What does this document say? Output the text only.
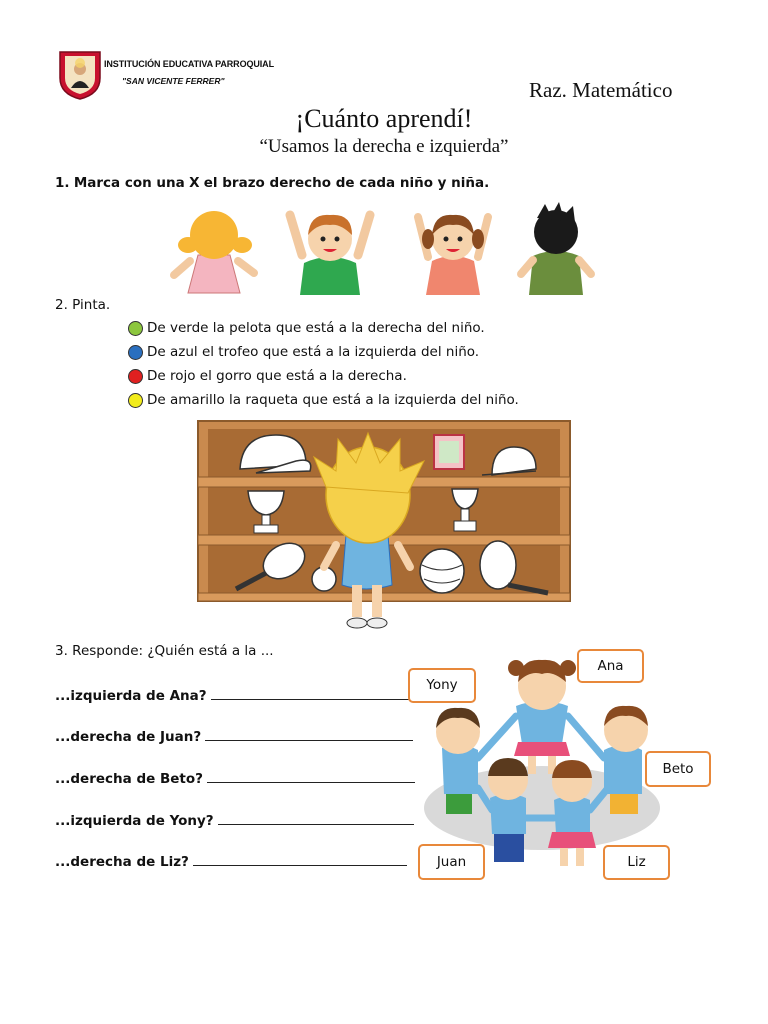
INSTITUCIÓN EDUCATIVA PARROQUIAL
"SAN VICENTE FERRER"	Raz. Matemático
¡Cuánto aprendí!
“Usamos la derecha e izquierda”
1. Marca con una X el brazo derecho de cada niño y niña.
2. Pinta.
De verde la pelota que está a la derecha del niño.
De azul el trofeo que está a la izquierda del niño.
De rojo el gorro que está a la derecha.
De amarillo la raqueta que está a la izquierda del niño.
3. Responde: ¿Quién está a la ...
...izquierda de Ana?
...derecha de Juan?
...derecha de Beto?
...izquierda de Yony?
...derecha de Liz?
Ana
Yony
Beto
Juan	Liz
